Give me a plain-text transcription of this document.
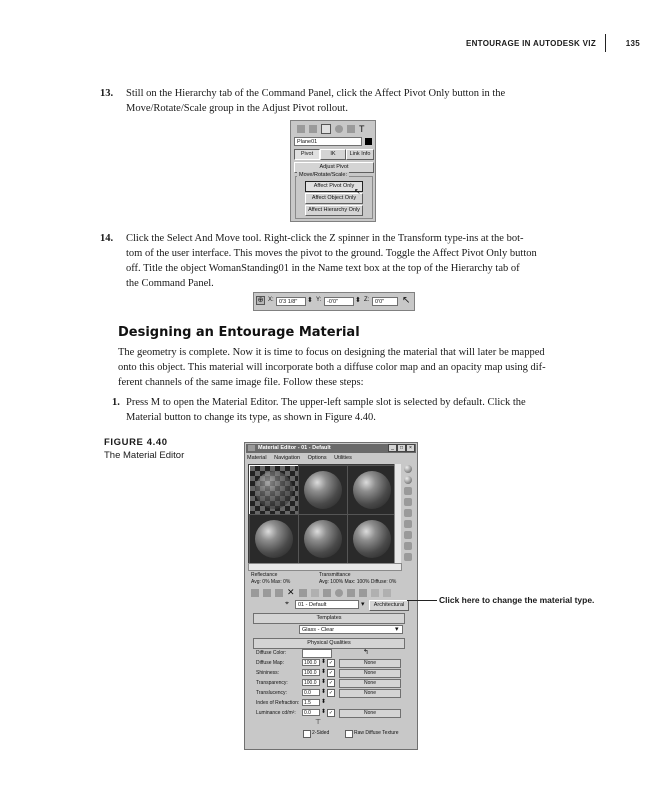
ENTOURAGE IN AUTODESK VIZ	135
13. Still on the Hierarchy tab of the Command Panel, click the Affect Pivot Only button in the
Move/Rotate/Scale group in the Adjust Pivot rollout.
T
Plane01
Pivot	IK	Link Info
Adjust Pivot
Move/Rotate/Scale:
Affect Pivot Only
Affect Object Only
Affect Hierarchy Only
↖
14. Click the Select And Move tool. Right-click the Z spinner in the Transform type-ins at the bot-
tom of the user interface. This moves the pivot to the ground. Toggle the Affect Pivot Only button
off. Title the object WomanStanding01 in the Name text box at the top of the Hierarchy tab of
the Command Panel.
⊕ X: 0'3 1/8"	⬍ Y:	-0'0"	⬍ Z:	0'0"	↖
Designing an Entourage Material
The geometry is complete. Now it is time to focus on designing the material that will later be mapped
onto this object. This material will incorporate both a diffuse color map and an opacity map using dif-
ferent channels of the same image file. Follow these steps:
1. Press M to open the Material Editor. The upper-left sample slot is selected by default. Click the
Material button to change its type, as shown in Figure 4.40.
FIGURE 4.40
The Material Editor
Material Editor - 01 - Default	_	□	×
Material Navigation Options Utilities
Reflectance
Avg: 0% Max: 0%
Transmittance
Avg: 100% Max: 100% Diffuse: 0%
✕
⌖	01 - Default	▾	Architectural
Templates
Glass - Clear	▾
Physical Qualities
Diffuse Color:	↰
Diffuse Map:	100.0 ⬍ ✓	None
Shininess:	100.0 ⬍ ✓	None
Transparency:	100.0 ⬍ ✓	None
Translucency:	0.0	⬍ ✓	None
Index of Refraction: 1.5	⬍
Luminance cd/m²:	0.0	⬍ ✓	None
⊤
2-Sided	Raw Diffuse Texture
Click here to change the material type.
